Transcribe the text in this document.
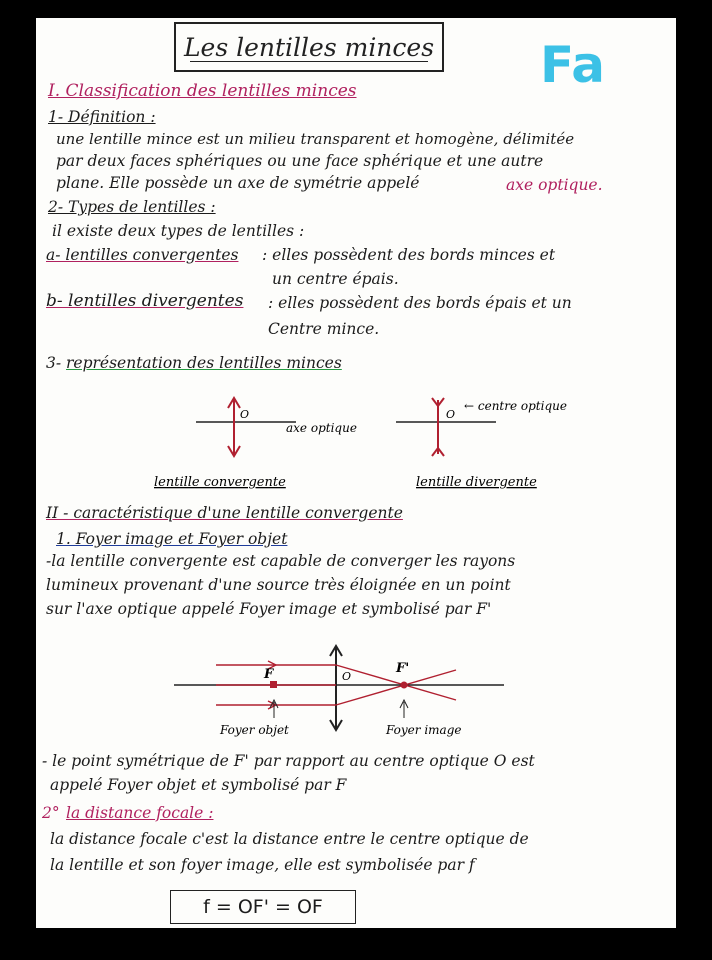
Les lentilles minces Fa
I. Classification des lentilles minces
1- Définition :
une lentille mince est un milieu transparent et homogène, délimitée
par deux faces sphériques ou une face sphérique et une autre
plane. Elle possède un axe de symétrie appelé	axe optique.
2- Types de lentilles :
il existe deux types de lentilles :
a- lentilles convergentes : elles possèdent des bords minces et
un centre épais.
b- lentilles divergentes : elles possèdent des bords épais et un
Centre mince.
3- représentation des lentilles minces
O
axe optique
O
← centre optique
lentille convergente	lentille divergente
II - caractéristique d'une lentille convergente
1. Foyer image et Foyer objet
-la lentille convergente est capable de converger les rayons
lumineux provenant d'une source très éloignée en un point
sur l'axe optique appelé Foyer image et symbolisé par F'
F	F'
O
Foyer objet	Foyer image
- le point symétrique de F' par rapport au centre optique O est
appelé Foyer objet et symbolisé par F
2° la distance focale :
la distance focale c'est la distance entre le centre optique de
la lentille et son foyer image, elle est symbolisée par f
f = OF' = OF
